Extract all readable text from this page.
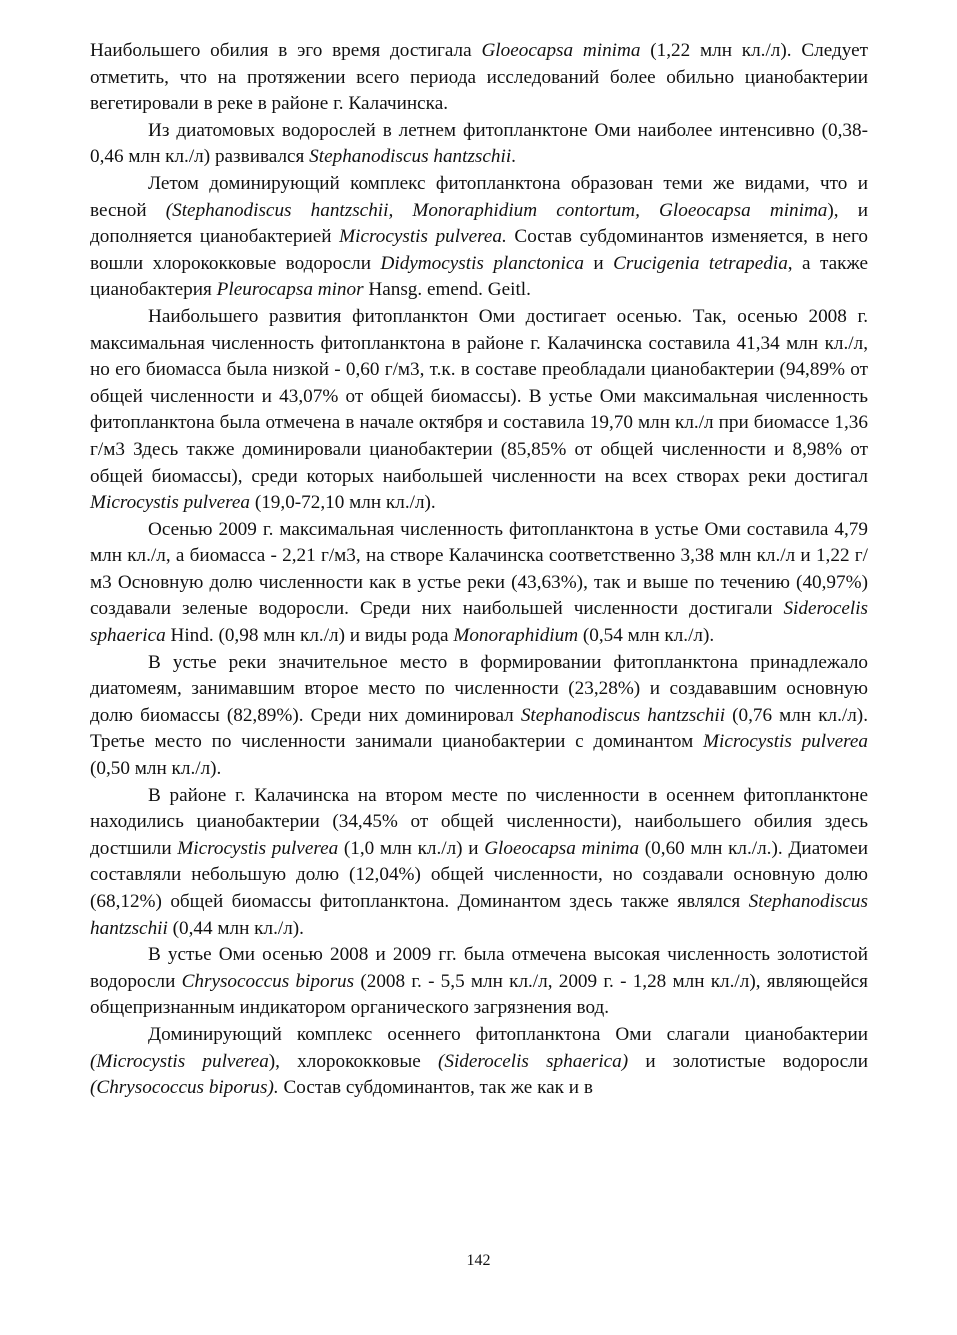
Наибольшего обилия в эго время достигала Gloeocapsa minima (1,22 млн кл./л). Следует отметить, что на протяжении всего периода исследований более обильно цианобактерии вегетировали в реке в районе г. Калачинска.

Из диатомовых водорослей в летнем фитопланктоне Оми наиболее интенсивно (0,38-0,46 млн кл./л) развивался Stephanodiscus hantzschii.

Летом доминирующий комплекс фитопланктона образован теми же видами, что и весной (Stephanodiscus hantzschii, Monoraphidium contortum, Gloeocapsa minima), и дополняется цианобактерией Microcystis pulverea. Состав субдоминантов изменяется, в него вошли хлорококковые водоросли Didymocystis planctonica и Crucigenia tetrapedia, а также цианобактерия Pleurocapsa minor Hansg. emend. Geitl.

Наибольшего развития фитопланктон Оми достигает осенью. Так, осенью 2008 г. максимальная численность фитопланктона в районе г. Калачинска составила 41,34 млн кл./л, но его биомасса была низкой - 0,60 г/м3, т.к. в составе преобладали цианобактерии (94,89% от общей численности и 43,07% от общей биомассы). В устье Оми максимальная численность фитопланктона была отмечена в начале октября и составила 19,70 млн кл./л при биомассе 1,36 г/м3 Здесь также доминировали цианобактерии (85,85% от общей численности и 8,98% от общей биомассы), среди которых наибольшей численности на всех створах реки достигал Microcystis pulverea (19,0-72,10 млн кл./л).

Осенью 2009 г. максимальная численность фитопланктона в устье Оми составила 4,79 млн кл./л, а биомасса - 2,21 г/м3, на створе Калачинска соответственно 3,38 млн кл./л и 1,22 г/м3 Основную долю численности как в устье реки (43,63%), так и выше по течению (40,97%) создавали зеленые водоросли. Среди них наибольшей численности достигали Siderocelis sphaerica Hind. (0,98 млн кл./л) и виды рода Monoraphidium (0,54 млн кл./л).

В устье реки значительное место в формировании фитопланктона принадлежало диатомеям, занимавшим второе место по численности (23,28%) и создававшим основную долю биомассы (82,89%). Среди них доминировал Stephanodiscus hantzschii (0,76 млн кл./л). Третье место по численности занимали цианобактерии с доминантом Microcystis pulverea (0,50 млн кл./л).

В районе г. Калачинска на втором месте по численности в осеннем фитопланктоне находились цианобактерии (34,45% от общей численности), наибольшего обилия здесь достшили Microcystis pulverea (1,0 млн кл./л) и Gloeocapsa minima (0,60 млн кл./л.). Диатомеи составляли небольшую долю (12,04%) общей численности, но создавали основную долю (68,12%) общей биомассы фитопланктона. Доминантом здесь также являлся Stephanodiscus hantzschii (0,44 млн кл./л).

В устье Оми осенью 2008 и 2009 гг. была отмечена высокая численность золотистой водоросли Chrysococcus biporus (2008 г. - 5,5 млн кл./л, 2009 г. - 1,28 млн кл./л), являющейся общепризнанным индикатором органического загрязнения вод.

Доминирующий комплекс осеннего фитопланктона Оми слагали цианобактерии (Microcystis pulverea), хлорококковые (Siderocelis sphaerica) и золотистые водоросли (Chrysococcus biporus). Состав субдоминантов, так же как и в

142
